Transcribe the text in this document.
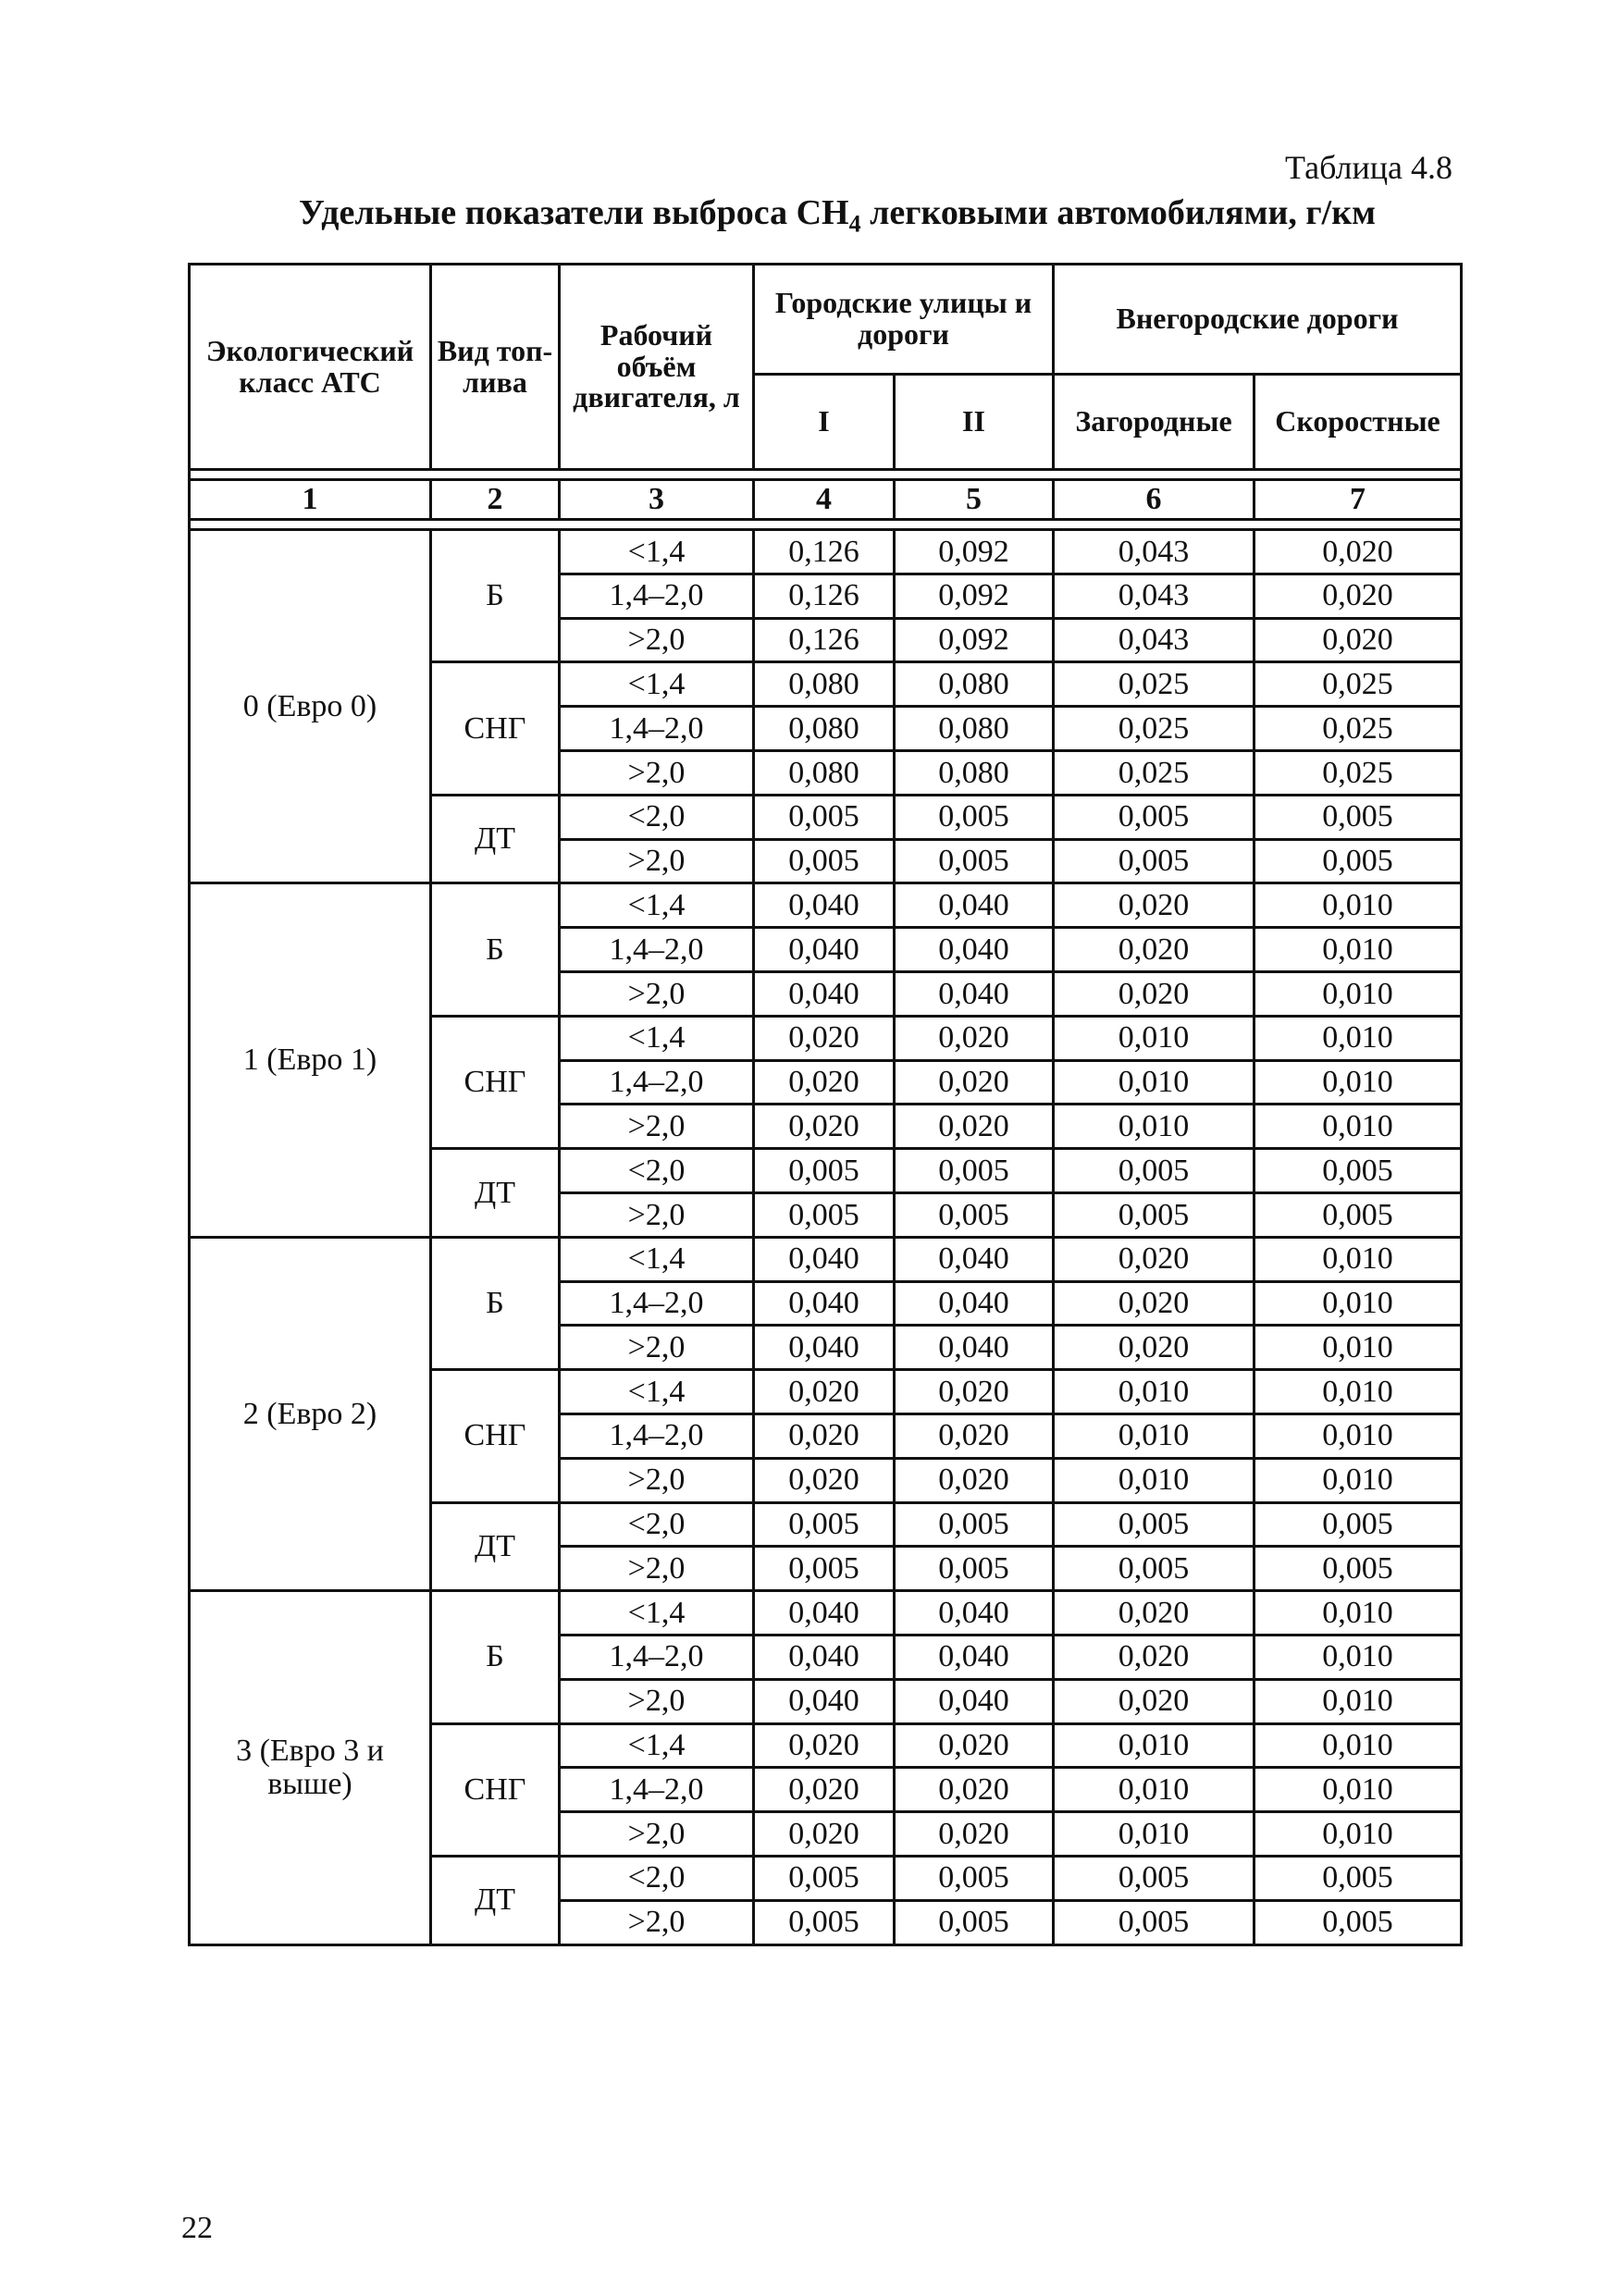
Таблица 4.8
Удельные показатели выброса $СН_4$ легковыми автомобилями, г/км
Экологический класс АТС	Вид топ-лива	Рабочий объём двигателя, л	Городские улицы и дороги		Внегородские дороги	
			I	II	Загородные	Скоростные

1	2	3	4	5	6	7

0 (Евро 0)	Б	<1,4	0,126	0,092	0,043	0,020
		1,4–2,0	0,126	0,092	0,043	0,020
		>2,0	0,126	0,092	0,043	0,020
	СНГ	<1,4	0,080	0,080	0,025	0,025
		1,4–2,0	0,080	0,080	0,025	0,025
		>2,0	0,080	0,080	0,025	0,025
	ДТ	<2,0	0,005	0,005	0,005	0,005
		>2,0	0,005	0,005	0,005	0,005
1 (Евро 1)	Б	<1,4	0,040	0,040	0,020	0,010
		1,4–2,0	0,040	0,040	0,020	0,010
		>2,0	0,040	0,040	0,020	0,010
	СНГ	<1,4	0,020	0,020	0,010	0,010
		1,4–2,0	0,020	0,020	0,010	0,010
		>2,0	0,020	0,020	0,010	0,010
	ДТ	<2,0	0,005	0,005	0,005	0,005
		>2,0	0,005	0,005	0,005	0,005
2 (Евро 2)	Б	<1,4	0,040	0,040	0,020	0,010
		1,4–2,0	0,040	0,040	0,020	0,010
		>2,0	0,040	0,040	0,020	0,010
	СНГ	<1,4	0,020	0,020	0,010	0,010
		1,4–2,0	0,020	0,020	0,010	0,010
		>2,0	0,020	0,020	0,010	0,010
	ДТ	<2,0	0,005	0,005	0,005	0,005
		>2,0	0,005	0,005	0,005	0,005
3 (Евро 3 и выше)	Б	<1,4	0,040	0,040	0,020	0,010
		1,4–2,0	0,040	0,040	0,020	0,010
		>2,0	0,040	0,040	0,020	0,010
	СНГ	<1,4	0,020	0,020	0,010	0,010
		1,4–2,0	0,020	0,020	0,010	0,010
		>2,0	0,020	0,020	0,010	0,010
	ДТ	<2,0	0,005	0,005	0,005	0,005
		>2,0	0,005	0,005	0,005	0,005
22
